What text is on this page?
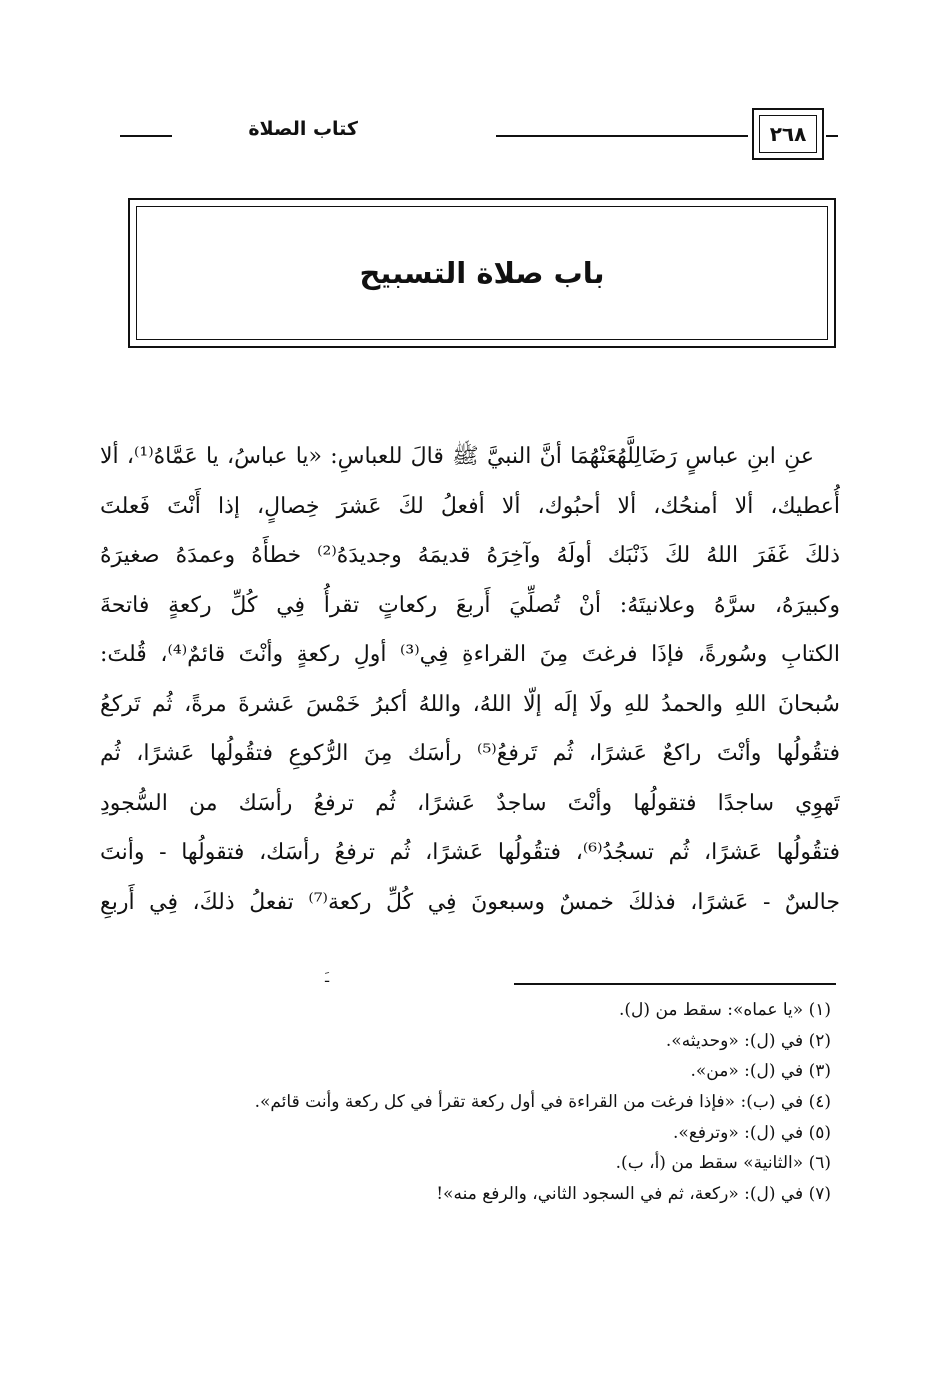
٢٦٨
كتاب الصلاة
باب صلاة التسبيح
عنِ ابنِ عباسٍ رَضَالِلَّهُعَنْهُمَا أنَّ النبيَّ ﷺ قالَ للعباسِ: «يا عباسُ، يا عَمَّاهُ⁽¹⁾، ألا
أُعطيك، ألا أمنحُك، ألا أحبُوك، ألا أفعلُ لكَ عَشرَ خِصالٍ، إذا أَنْتَ فَعلتَ
ذلكَ غَفَرَ اللهُ لكَ ذَنْبَك أولَهُ وآخِرَهُ قديمَهُ وجديدَهُ⁽²⁾ خطأَهُ وعمدَهُ صغيرَهُ
وكبيرَهُ، سرَّهُ وعلانيتَهُ: أنْ تُصلِّيَ أَربعَ ركعاتٍ تقرأُ فِي كُلِّ ركعةٍ فاتحةَ
الكتابِ وسُورةً، فإذَا فرغتَ مِنَ القراءةِ فِي⁽³⁾ أولِ ركعةٍ وأنْتَ قائمٌ⁽⁴⁾، قُلتَ:
سُبحانَ اللهِ والحمدُ للهِ ولَا إلَه إلّا اللهُ، واللهُ أكبرُ خَمْسَ عَشرةَ مرةً، ثُم تَركعُ
فتقُولُها وأنْتَ راكعٌ عَشرًا، ثُم تَرفعُ⁽⁵⁾ رأسَك مِنَ الرُّكوعِ فتقُولُها عَشرًا، ثُم
تَهوِي ساجدًا فتقولُها وأنْتَ ساجدٌ عَشرًا، ثُم ترفعُ رأسَك من السُّجودِ
فتقُولُها عَشرًا، ثُم تسجُدُ⁽⁶⁾، فتقُولُها عَشرًا، ثُم ترفعُ رأسَك، فتقولُها - وأنتَ
جالسٌ - عَشرًا، فذلكَ خمسٌ وسبعونَ فِي كُلِّ ركعة⁽⁷⁾ تفعلُ ذلكَ، فِي أَربعِ
ـَ
(١) «يا عماه»: سقط من (ل).
(٢) في (ل): «وحديثه».
(٣) في (ل): «من».
(٤) في (ب): «فإذا فرغت من القراءة في أول ركعة تقرأ في كل ركعة وأنت قائم».
(٥) في (ل): «وترفع».
(٦) «الثانية» سقط من (أ، ب).
(٧) في (ل): «ركعة، ثم في السجود الثاني، والرفع منه»!
